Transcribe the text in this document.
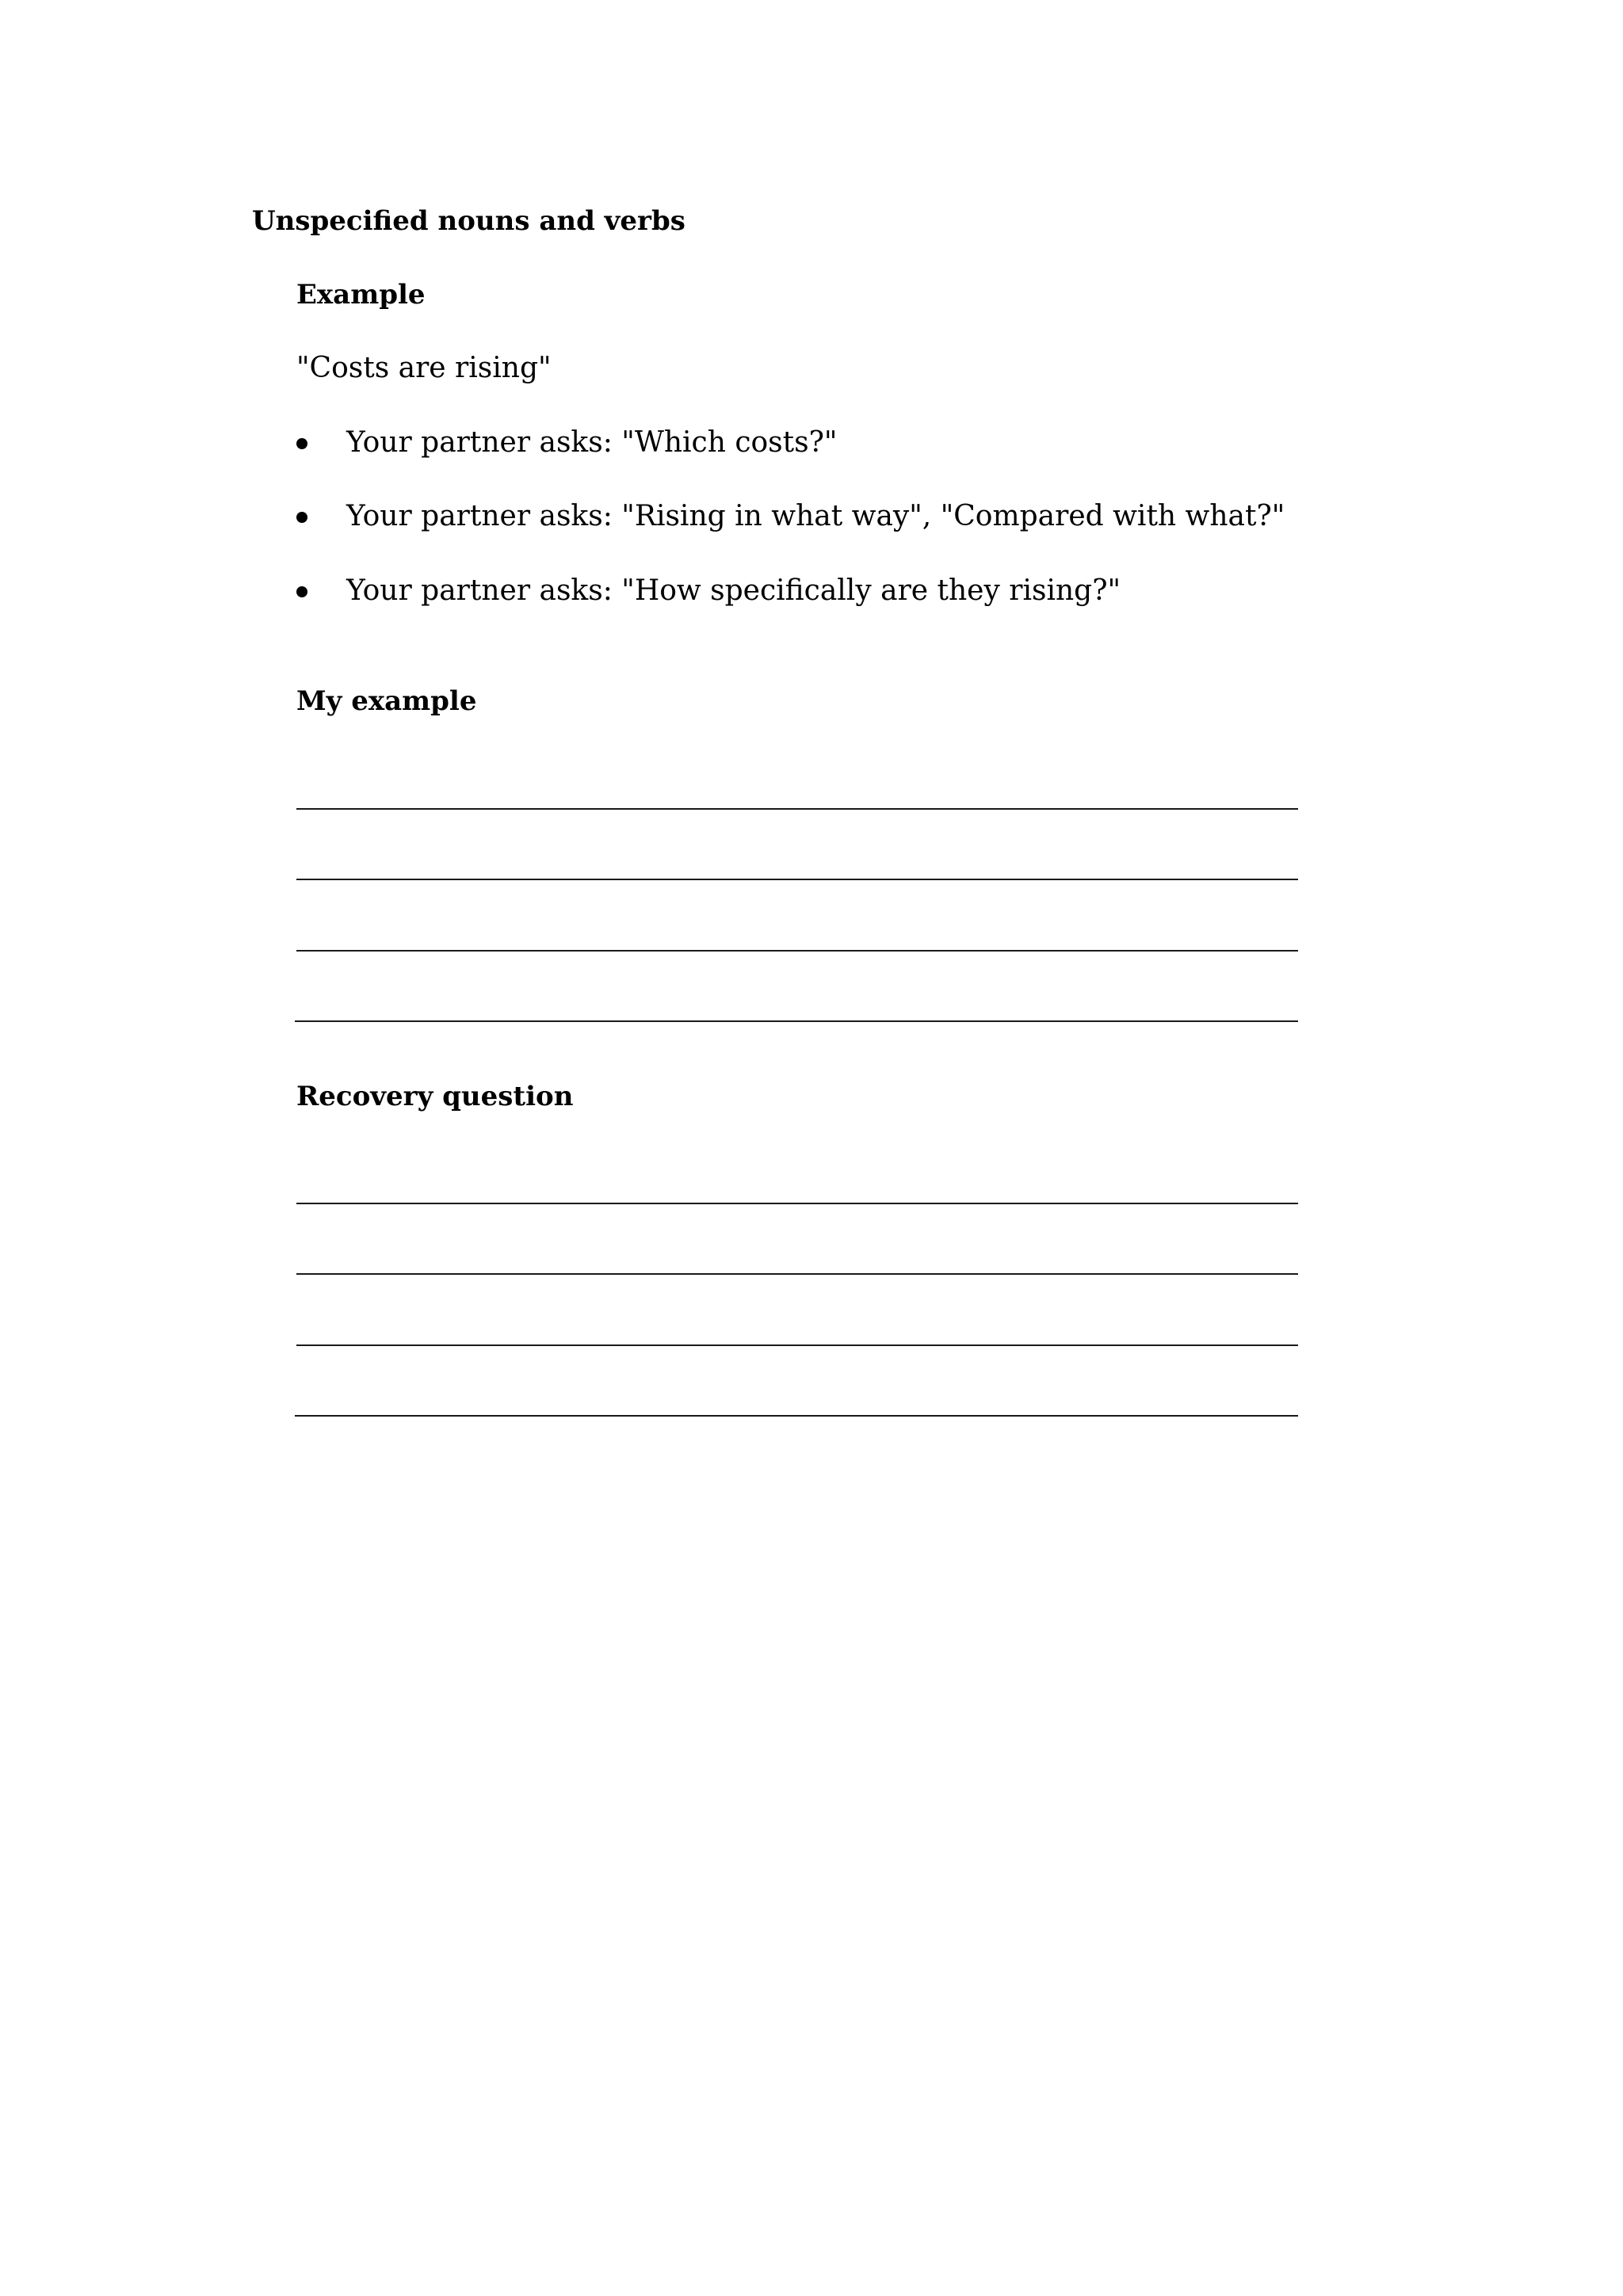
Unspecified nouns and verbs
Example
"Costs are rising"
Your partner asks: "Which costs?"
Your partner asks: "Rising in what way", "Compared with what?"
Your partner asks: "How specifically are they rising?"
My example
Recovery question
